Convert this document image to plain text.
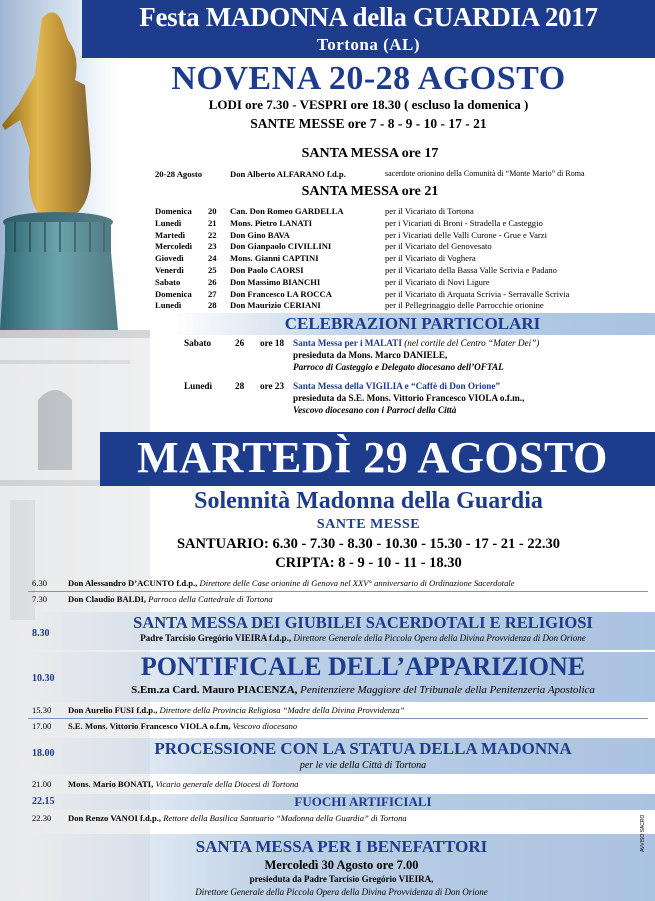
Festa MADONNA della GUARDIA 2017
Tortona (AL)
NOVENA 20-28 AGOSTO
LODI ore 7.30 - VESPRI ore 18.30 ( escluso la domenica )
SANTE MESSE ore 7 - 8 - 9 - 10 - 17 - 21
SANTA MESSA ore 17
20-28 Agosto	Don Alberto ALFARANO f.d.p.	sacerdote orionino della Comunità di “Monte Mario” di Roma
SANTA MESSA ore 21
Domenica 20 Can. Don Romeo GARDELLA	per il Vicariato di Tortona
Lunedì	21 Mons. Pietro LANATI	per i Vicariati di Broni - Stradella e Casteggio
Martedì	22 Don Gino BAVA	per i Vicariati delle Valli Curone - Grue e Varzi
Mercoledì 23 Don Gianpaolo CIVILLINI	per il Vicariato del Genovesato
Giovedì	24 Mons. Gianni CAPTINI	per il Vicariato di Voghera
Venerdì	25 Don Paolo CAORSI	per il Vicariato della Bassa Valle Scrivia e Padano
Sabato	26 Don Massimo BIANCHI	per il Vicariato di Novi Ligure
Domenica 27 Don Francesco LA ROCCA	per il Vicariato di Arquata Scrivia - Serravalle Scrivia
Lunedì	28 Don Maurizio CERIANI	per il Pellegrinaggio delle Parrocchie orionine
CELEBRAZIONI PARTICOLARI
Sabato	26 ore 18 Santa Messa per i MALATI (nel cortile del Centro “Mater Dei”)
presieduta da Mons. Marco DANIELE,
Parroco di Casteggio e Delegato diocesano dell’OFTAL
Lunedì 28 ore 23 Santa Messa della VIGILIA e “Caffè di Don Orione”
presieduta da S.E. Mons. Vittorio Francesco VIOLA o.f.m.,
Vescovo diocesano con i Parroci della Città
MARTEDÌ 29 AGOSTO
Solennità Madonna della Guardia
SANTE MESSE
SANTUARIO: 6.30 - 7.30 - 8.30 - 10.30 - 15.30 - 17 - 21 - 22.30
CRIPTA: 8 - 9 - 10 - 11 - 18.30
6.30 Don Alessandro D’ACUNTO f.d.p., Direttore delle Case orionine di Genova nel XXV° anniversario di Ordinazione Sacerdotale
7.30 Don Claudio BALDI, Parroco della Cattedrale di Tortona
8.30
SANTA MESSA DEI GIUBILEI SACERDOTALI E RELIGIOSI
Padre Tarcísio Gregório VIEIRA f.d.p., Direttore Generale della Piccola Opera della Divina Provvidenza di Don Orione
10.30	PONTIFICALE DELL’APPARIZIONE
S.Em.za Card. Mauro PIACENZA, Penitenziere Maggiore del Tribunale della Penitenzeria Apostolica
15.30 Don Aurelio FUSI f.d.p., Direttore della Provincia Religiosa “Madre della Divina Provvidenza”
17.00 S.E. Mons. Vittorio Francesco VIOLA o.f.m, Vescovo diocesano
18.00	PROCESSIONE CON LA STATUA DELLA MADONNA
per le vie della Città di Tortona
21.00 Mons. Mario BONATI, Vicario generale della Diocesi di Tortona
22.15	FUOCHI ARTIFICIALI
22.30 Don Renzo VANOI f.d.p., Rettore della Basilica Santuario “Madonna della Guardia” di Tortona
SANTA MESSA PER I BENEFATTORI
Mercoledì 30 Agosto ore 7.00
presieduta da Padre Tarcísio Gregório VIEIRA,
Direttore Generale della Piccola Opera della Divina Provvidenza di Don Orione
AVVISO SACRO
